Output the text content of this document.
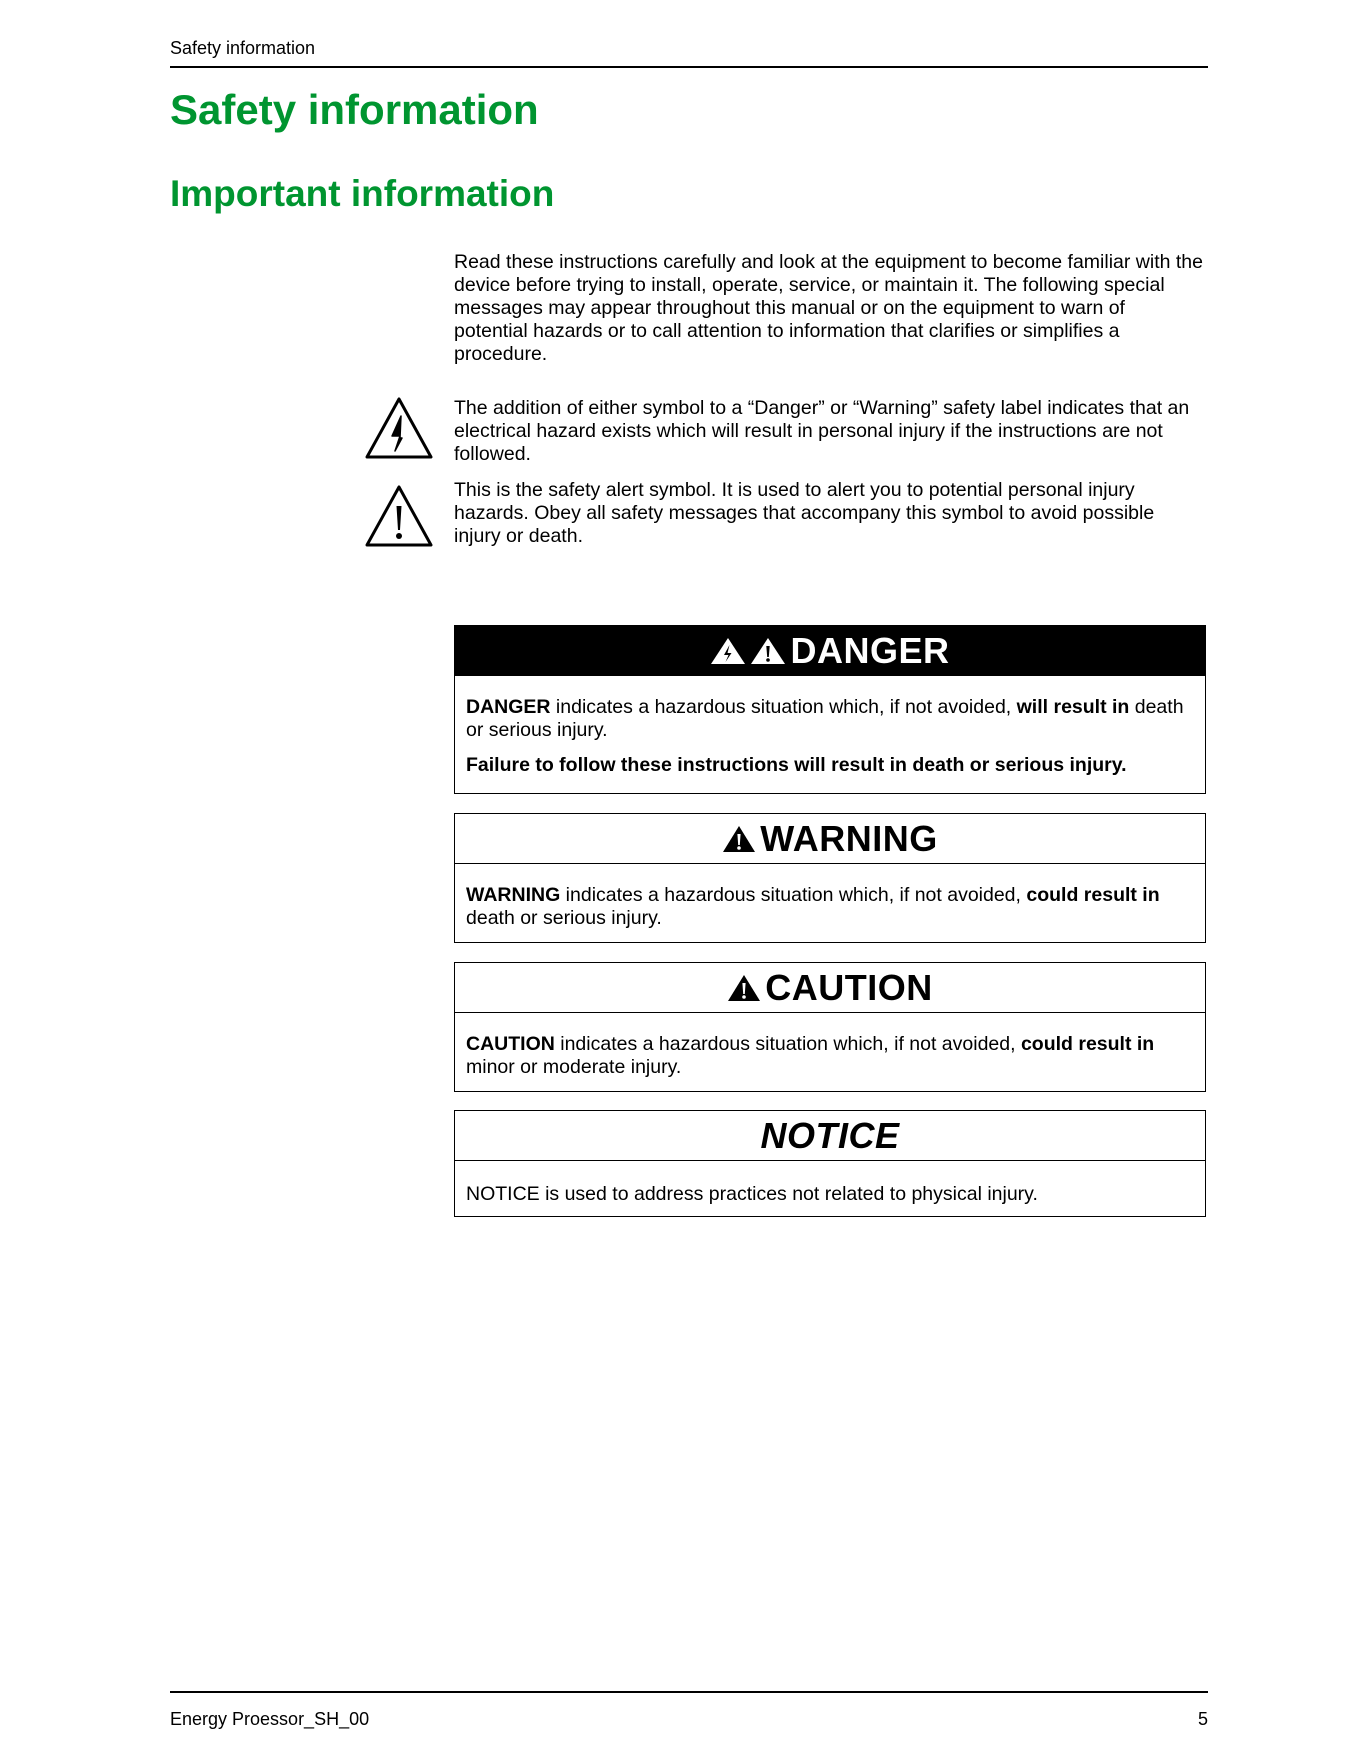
Safety information
Safety information
Important information

Read these instructions carefully and look at the equipment to become familiar with the device before trying to install, operate, service, or maintain it. The following special messages may appear throughout this manual or on the equipment to warn of potential hazards or to call attention to information that clarifies or simplifies a procedure.

The addition of either symbol to a “Danger” or “Warning” safety label indicates that an electrical hazard exists which will result in personal injury if the instructions are not followed.

This is the safety alert symbol. It is used to alert you to potential personal injury hazards. Obey all safety messages that accompany this symbol to avoid possible injury or death.

DANGER

DANGER indicates a hazardous situation which, if not avoided, will result in death or serious injury.

Failure to follow these instructions will result in death or serious injury.

WARNING

WARNING indicates a hazardous situation which, if not avoided, could result in death or serious injury.

CAUTION

CAUTION indicates a hazardous situation which, if not avoided, could result in minor or moderate injury.

NOTICE

NOTICE is used to address practices not related to physical injury.

Energy Proessor_SH_00	5
